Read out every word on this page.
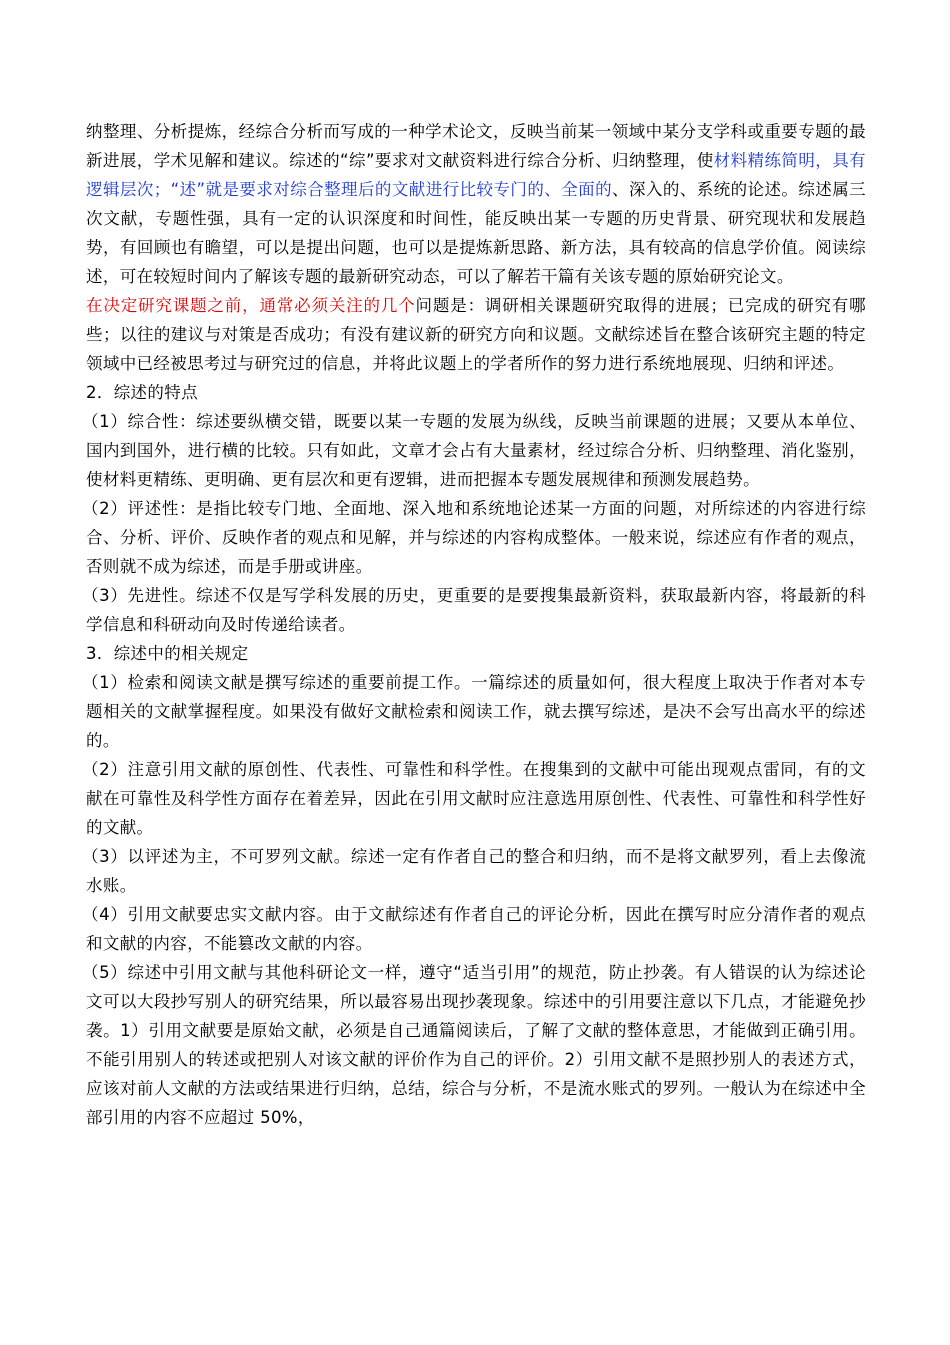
纳整理、分析提炼，经综合分析而写成的一种学术论文，反映当前某一领域中某分支学科或重要专题的最新进展，学术见解和建议。综述的“综”要求对文献资料进行综合分析、归纳整理，使材料精练简明，具有逻辑层次；“述”就是要求对综合整理后的文献进行比较专门的、全面的、深入的、系统的论述。综述属三次文献，专题性强，具有一定的认识深度和时间性，能反映出某一专题的历史背景、研究现状和发展趋势，有回顾也有瞻望，可以是提出问题，也可以是提炼新思路、新方法，具有较高的信息学价值。阅读综述，可在较短时间内了解该专题的最新研究动态，可以了解若干篇有关该专题的原始研究论文。

在决定研究课题之前，通常必须关注的几个问题是：调研相关课题研究取得的进展；已完成的研究有哪些；以往的建议与对策是否成功；有没有建议新的研究方向和议题。文献综述旨在整合该研究主题的特定领域中已经被思考过与研究过的信息，并将此议题上的学者所作的努力进行系统地展现、归纳和评述。

2．综述的特点

（1）综合性：综述要纵横交错，既要以某一专题的发展为纵线，反映当前课题的进展；又要从本单位、国内到国外，进行横的比较。只有如此，文章才会占有大量素材，经过综合分析、归纳整理、消化鉴别，使材料更精练、更明确、更有层次和更有逻辑，进而把握本专题发展规律和预测发展趋势。

（2）评述性：是指比较专门地、全面地、深入地和系统地论述某一方面的问题，对所综述的内容进行综合、分析、评价、反映作者的观点和见解，并与综述的内容构成整体。一般来说，综述应有作者的观点，否则就不成为综述，而是手册或讲座。

（3）先进性。综述不仅是写学科发展的历史，更重要的是要搜集最新资料，获取最新内容，将最新的科学信息和科研动向及时传递给读者。

3．综述中的相关规定

（1）检索和阅读文献是撰写综述的重要前提工作。一篇综述的质量如何，很大程度上取决于作者对本专题相关的文献掌握程度。如果没有做好文献检索和阅读工作，就去撰写综述，是决不会写出高水平的综述的。

（2）注意引用文献的原创性、代表性、可靠性和科学性。在搜集到的文献中可能出现观点雷同，有的文献在可靠性及科学性方面存在着差异，因此在引用文献时应注意选用原创性、代表性、可靠性和科学性好的文献。

（3）以评述为主，不可罗列文献。综述一定有作者自己的整合和归纳，而不是将文献罗列，看上去像流水账。

（4）引用文献要忠实文献内容。由于文献综述有作者自己的评论分析，因此在撰写时应分清作者的观点和文献的内容，不能篡改文献的内容。

（5）综述中引用文献与其他科研论文一样，遵守“适当引用”的规范，防止抄袭。有人错误的认为综述论文可以大段抄写别人的研究结果，所以最容易出现抄袭现象。综述中的引用要注意以下几点，才能避免抄袭。1）引用文献要是原始文献，必须是自己通篇阅读后，了解了文献的整体意思，才能做到正确引用。不能引用别人的转述或把别人对该文献的评价作为自己的评价。2）引用文献不是照抄别人的表述方式，应该对前人文献的方法或结果进行归纳，总结，综合与分析，不是流水账式的罗列。一般认为在综述中全部引用的内容不应超过 50%，
